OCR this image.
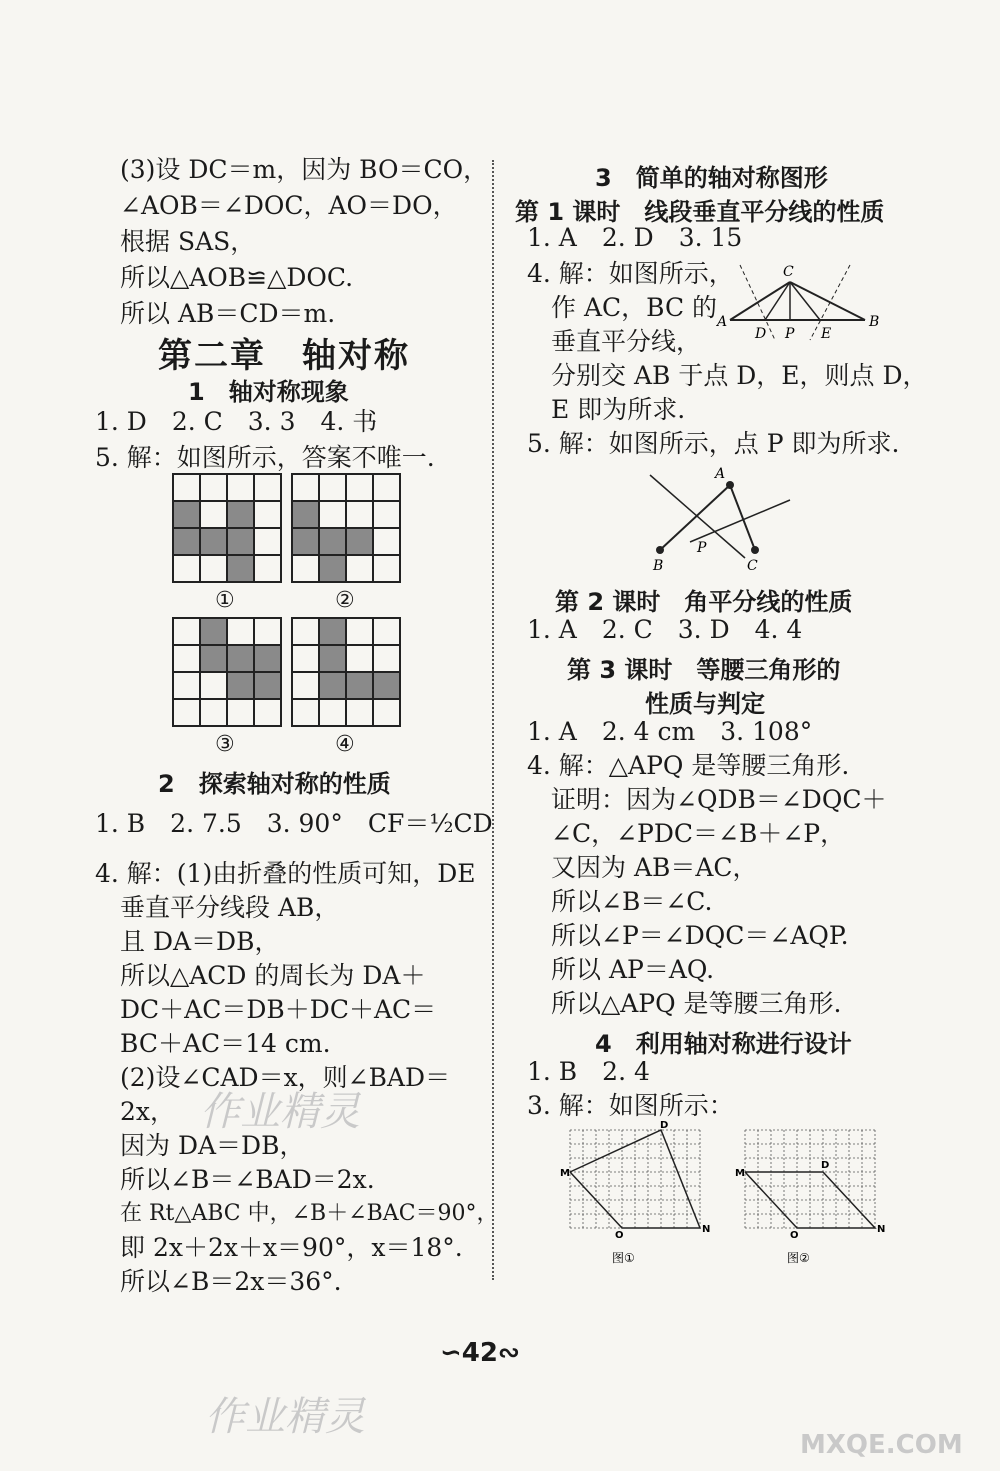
(3)设 DC＝m，因为 BO＝CO，
∠AOB＝∠DOC，AO＝DO，
根据 SAS，
所以△AOB≌△DOC.
所以 AB＝CD＝m.
第二章　轴对称
1　轴对称现象
1. D　2. C　3. 3　4. 书
5. 解：如图所示，答案不唯一.

①	②

③	④
2　探索轴对称的性质
1. B　2. 7.5　3. 90°　CF＝½CD
4. 解：(1)由折叠的性质可知，DE
垂直平分线段 AB，
且 DA＝DB，
所以△ACD 的周长为 DA＋
DC＋AC＝DB＋DC＋AC＝
BC＋AC＝14 cm.
(2)设∠CAD＝x，则∠BAD＝
2x，
因为 DA＝DB，
所以∠B＝∠BAD＝2x.
在 Rt△ABC 中，∠B＋∠BAC＝90°，
即 2x＋2x＋x＝90°，x＝18°.
所以∠B＝2x＝36°.
3　简单的轴对称图形
第 1 课时　线段垂直平分线的性质
1. A　2. D　3. 15
4. 解：如图所示，
作 AC，BC 的
垂直平分线，
分别交 AB 于点 D，E，则点 D，
E 即为所求.
C
A
D P E
B
5. 解：如图所示，点 P 即为所求.
A
B
P
C
第 2 课时　角平分线的性质
1. A　2. C　3. D　4. 4
第 3 课时　等腰三角形的
性质与判定
1. A　2. 4 cm　3. 108°
4. 解：△APQ 是等腰三角形.
证明：因为∠QDB＝∠DQC＋
∠C，∠PDC＝∠B＋∠P，
又因为 AB＝AC，
所以∠B＝∠C.
所以∠P＝∠DQC＝∠AQP.
所以 AP＝AQ.
所以△APQ 是等腰三角形.
4　利用轴对称进行设计
1. B　2. 4
3. 解：如图所示：
M
D
O
N
图①
M
D
O
N
图②
∽42∾
作业精灵
作业精灵
MXQE.COM
